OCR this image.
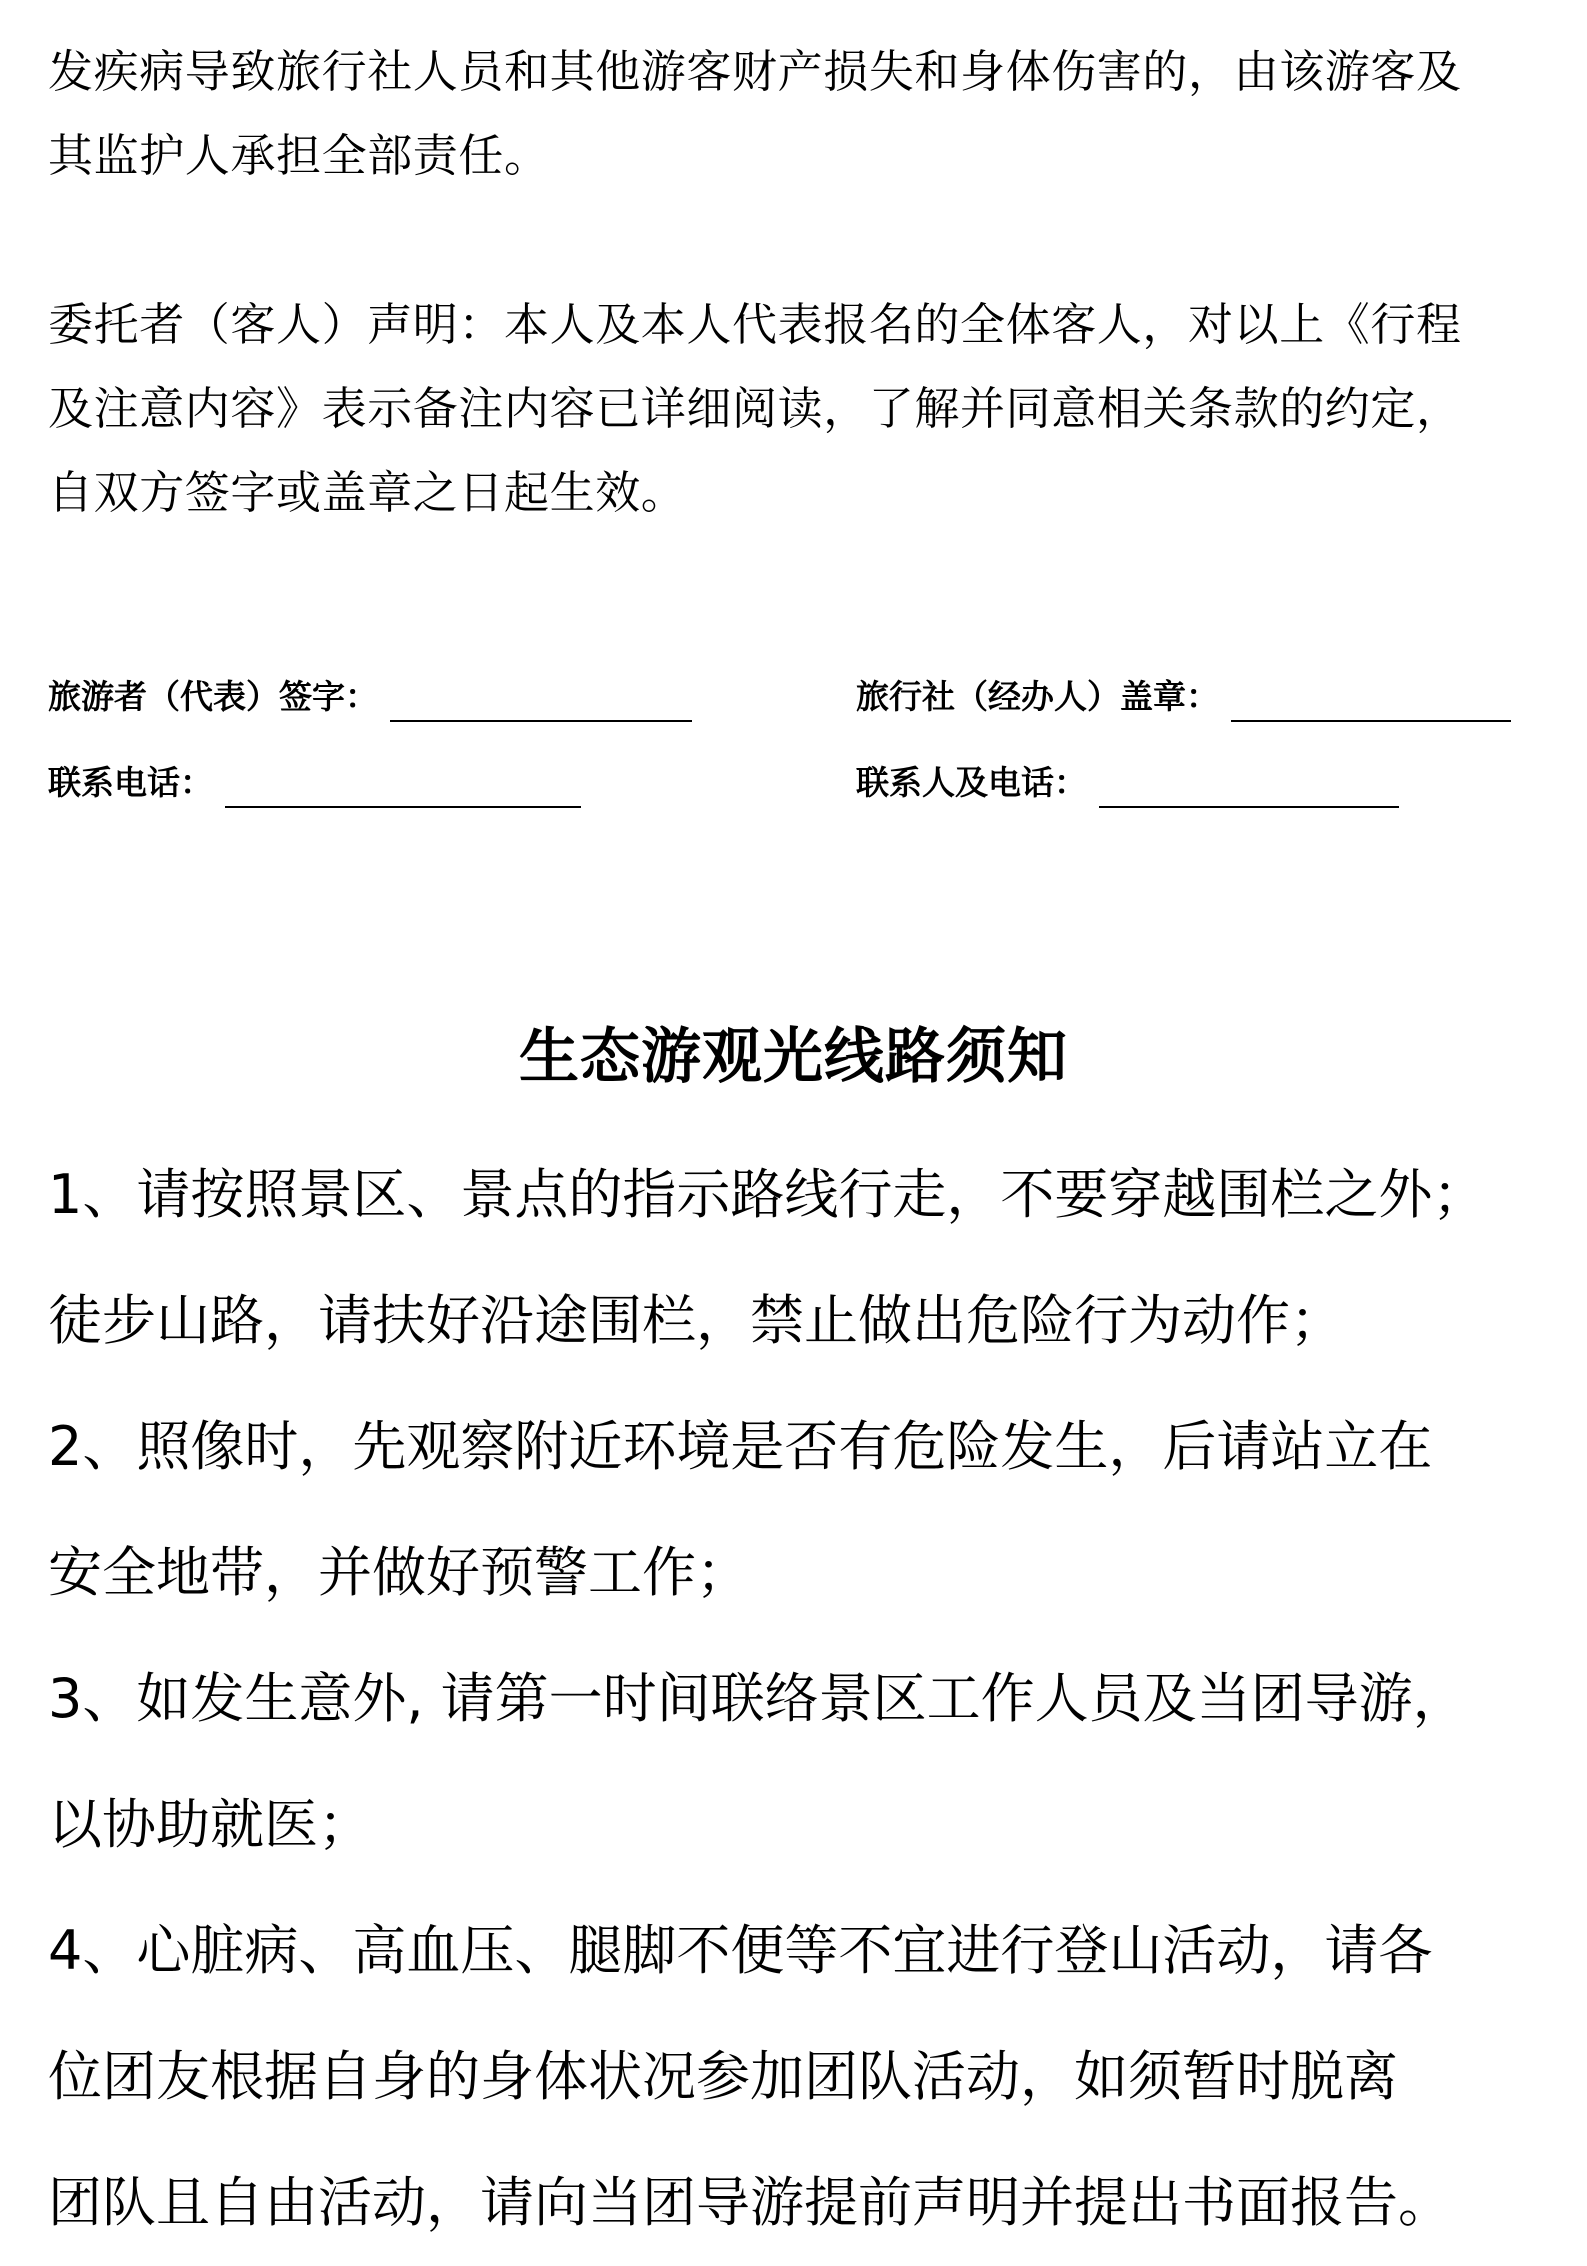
发疾病导致旅行社人员和其他游客财产损失和身体伤害的，由该游客及
其监护人承担全部责任。

委托者（客人）声明：本人及本人代表报名的全体客人，对以上《行程
及注意内容》表示备注内容已详细阅读，了解并同意相关条款的约定，
自双方签字或盖章之日起生效。

旅游者（代表）签字：	旅行社（经办人）盖章：
联系电话：	联系人及电话：
生态游观光线路须知

1、请按照景区、景点的指示路线行走，不要穿越围栏之外；
徒步山路，请扶好沿途围栏，禁止做出危险行为动作；
2、照像时，先观察附近环境是否有危险发生，后请站立在
安全地带，并做好预警工作；
3、如发生意外, 请第一时间联络景区工作人员及当团导游，
以协助就医；
4、心脏病、高血压、腿脚不便等不宜进行登山活动，请各
位团友根据自身的身体状况参加团队活动，如须暂时脱离
团队且自由活动，请向当团导游提前声明并提出书面报告。
